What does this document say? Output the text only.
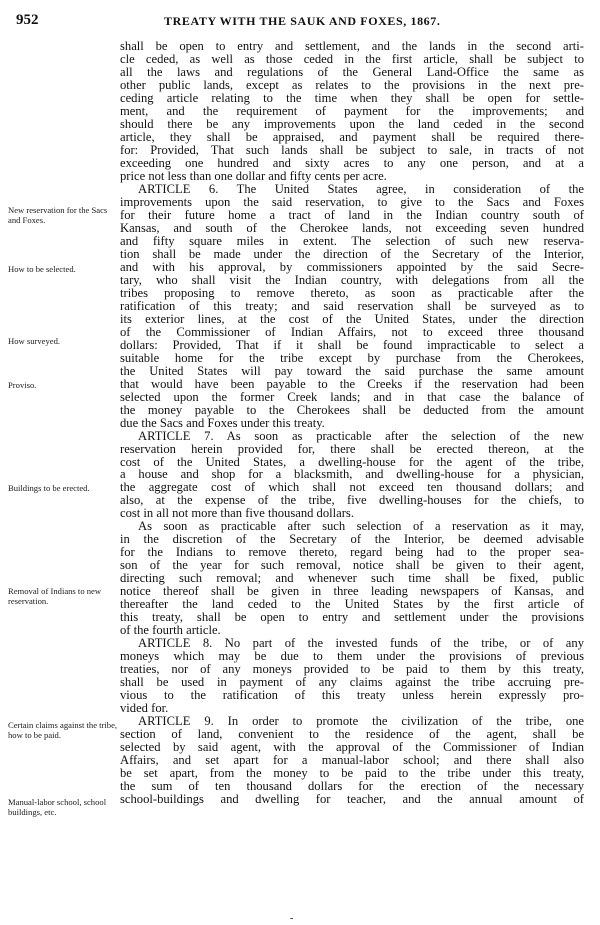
952	TREATY WITH THE SAUK AND FOXES, 1867.
New reservation for the Sacs and Foxes.
How to be selected.
How surveyed.
Proviso.
Buildings to be erected.
Removal of Indians to new reservation.
Certain claims against the tribe, how to be paid.
Manual-labor school, school buildings, etc.
shall be open to entry and settlement, and the lands in the second arti-
cle ceded, as well as those ceded in the first article, shall be subject to
all the laws and regulations of the General Land-Office the same as
other public lands, except as relates to the provisions in the next pre-
ceding article relating to the time when they shall be open for settle-
ment, and the requirement of payment for the improvements; and
should there be any improvements upon the land ceded in the second
article, they shall be appraised, and payment shall be required there-
for: Provided, That such lands shall be subject to sale, in tracts of not
exceeding one hundred and sixty acres to any one person, and at a
price not less than one dollar and fifty cents per acre.
ARTICLE 6. The United States agree, in consideration of the
improvements upon the said reservation, to give to the Sacs and Foxes
for their future home a tract of land in the Indian country south of
Kansas, and south of the Cherokee lands, not exceeding seven hundred
and fifty square miles in extent. The selection of such new reserva-
tion shall be made under the direction of the Secretary of the Interior,
and with his approval, by commissioners appointed by the said Secre-
tary, who shall visit the Indian country, with delegations from all the
tribes proposing to remove thereto, as soon as practicable after the
ratification of this treaty; and said reservation shall be surveyed as to
its exterior lines, at the cost of the United States, under the direction
of the Commissioner of Indian Affairs, not to exceed three thousand
dollars: Provided, That if it shall be found impracticable to select a
suitable home for the tribe except by purchase from the Cherokees,
the United States will pay toward the said purchase the same amount
that would have been payable to the Creeks if the reservation had been
selected upon the former Creek lands; and in that case the balance of
the money payable to the Cherokees shall be deducted from the amount
due the Sacs and Foxes under this treaty.
ARTICLE 7. As soon as practicable after the selection of the new
reservation herein provided for, there shall be erected thereon, at the
cost of the United States, a dwelling-house for the agent of the tribe,
a house and shop for a blacksmith, and dwelling-house for a physician,
the aggregate cost of which shall not exceed ten thousand dollars; and
also, at the expense of the tribe, five dwelling-houses for the chiefs, to
cost in all not more than five thousand dollars.
As soon as practicable after such selection of a reservation as it may,
in the discretion of the Secretary of the Interior, be deemed advisable
for the Indians to remove thereto, regard being had to the proper sea-
son of the year for such removal, notice shall be given to their agent,
directing such removal; and whenever such time shall be fixed, public
notice thereof shall be given in three leading newspapers of Kansas, and
thereafter the land ceded to the United States by the first article of
this treaty, shall be open to entry and settlement under the provisions
of the fourth article.
ARTICLE 8. No part of the invested funds of the tribe, or of any
moneys which may be due to them under the provisions of previous
treaties, nor of any moneys provided to be paid to them by this treaty,
shall be used in payment of any claims against the tribe accruing pre-
vious to the ratification of this treaty unless herein expressly pro-
vided for.
ARTICLE 9. In order to promote the civilization of the tribe, one
section of land, convenient to the residence of the agent, shall be
selected by said agent, with the approval of the Commissioner of Indian
Affairs, and set apart for a manual-labor school; and there shall also
be set apart, from the money to be paid to the tribe under this treaty,
the sum of ten thousand dollars for the erection of the necessary
school-buildings and dwelling for teacher, and the annual amount of
-
